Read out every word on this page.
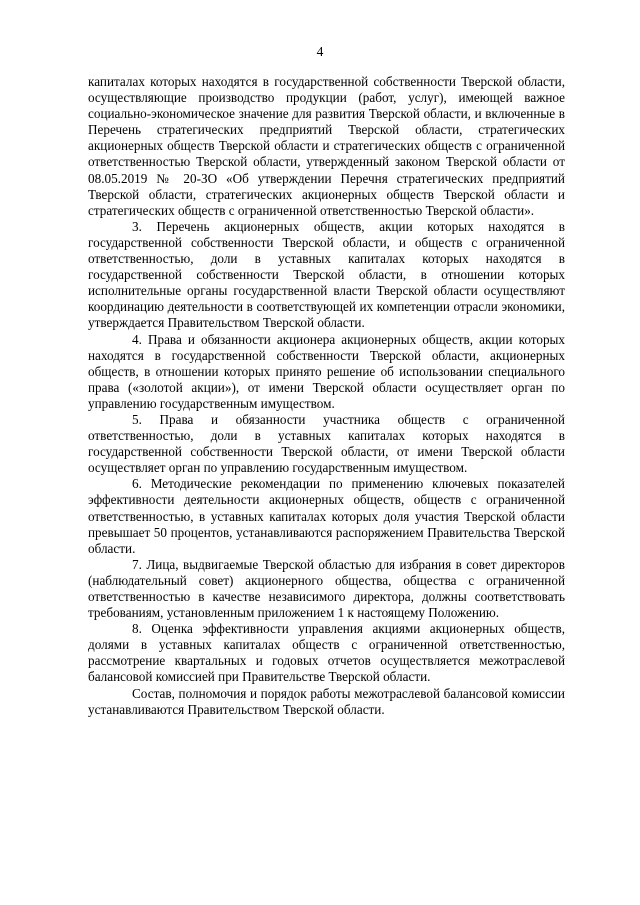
4

капиталах которых находятся в государственной собственности Тверской области, осуществляющие производство продукции (работ, услуг), имеющей важное социально-экономическое значение для развития Тверской области, и включенные в Перечень стратегических предприятий Тверской области, стратегических акционерных обществ Тверской области и стратегических обществ с ограниченной ответственностью Тверской области, утвержденный законом Тверской области от 08.05.2019 № 20-ЗО «Об утверждении Перечня стратегических предприятий Тверской области, стратегических акционерных обществ Тверской области и стратегических обществ с ограниченной ответственностью Тверской области».

3. Перечень акционерных обществ, акции которых находятся в государственной собственности Тверской области, и обществ с ограниченной ответственностью, доли в уставных капиталах которых находятся в государственной собственности Тверской области, в отношении которых исполнительные органы государственной власти Тверской области осуществляют координацию деятельности в соответствующей их компетенции отрасли экономики, утверждается Правительством Тверской области.

4. Права и обязанности акционера акционерных обществ, акции которых находятся в государственной собственности Тверской области, акционерных обществ, в отношении которых принято решение об использовании специального права («золотой акции»), от имени Тверской области осуществляет орган по управлению государственным имуществом.

5. Права и обязанности участника обществ с ограниченной ответственностью, доли в уставных капиталах которых находятся в государственной собственности Тверской области, от имени Тверской области осуществляет орган по управлению государственным имуществом.

6. Методические рекомендации по применению ключевых показателей эффективности деятельности акционерных обществ, обществ с ограниченной ответственностью, в уставных капиталах которых доля участия Тверской области превышает 50 процентов, устанавливаются распоряжением Правительства Тверской области.

7. Лица, выдвигаемые Тверской областью для избрания в совет директоров (наблюдательный совет) акционерного общества, общества с ограниченной ответственностью в качестве независимого директора, должны соответствовать требованиям, установленным приложением 1 к настоящему Положению.

8. Оценка эффективности управления акциями акционерных обществ, долями в уставных капиталах обществ с ограниченной ответственностью, рассмотрение квартальных и годовых отчетов осуществляется межотраслевой балансовой комиссией при Правительстве Тверской области.

Состав, полномочия и порядок работы межотраслевой балансовой комиссии устанавливаются Правительством Тверской области.
